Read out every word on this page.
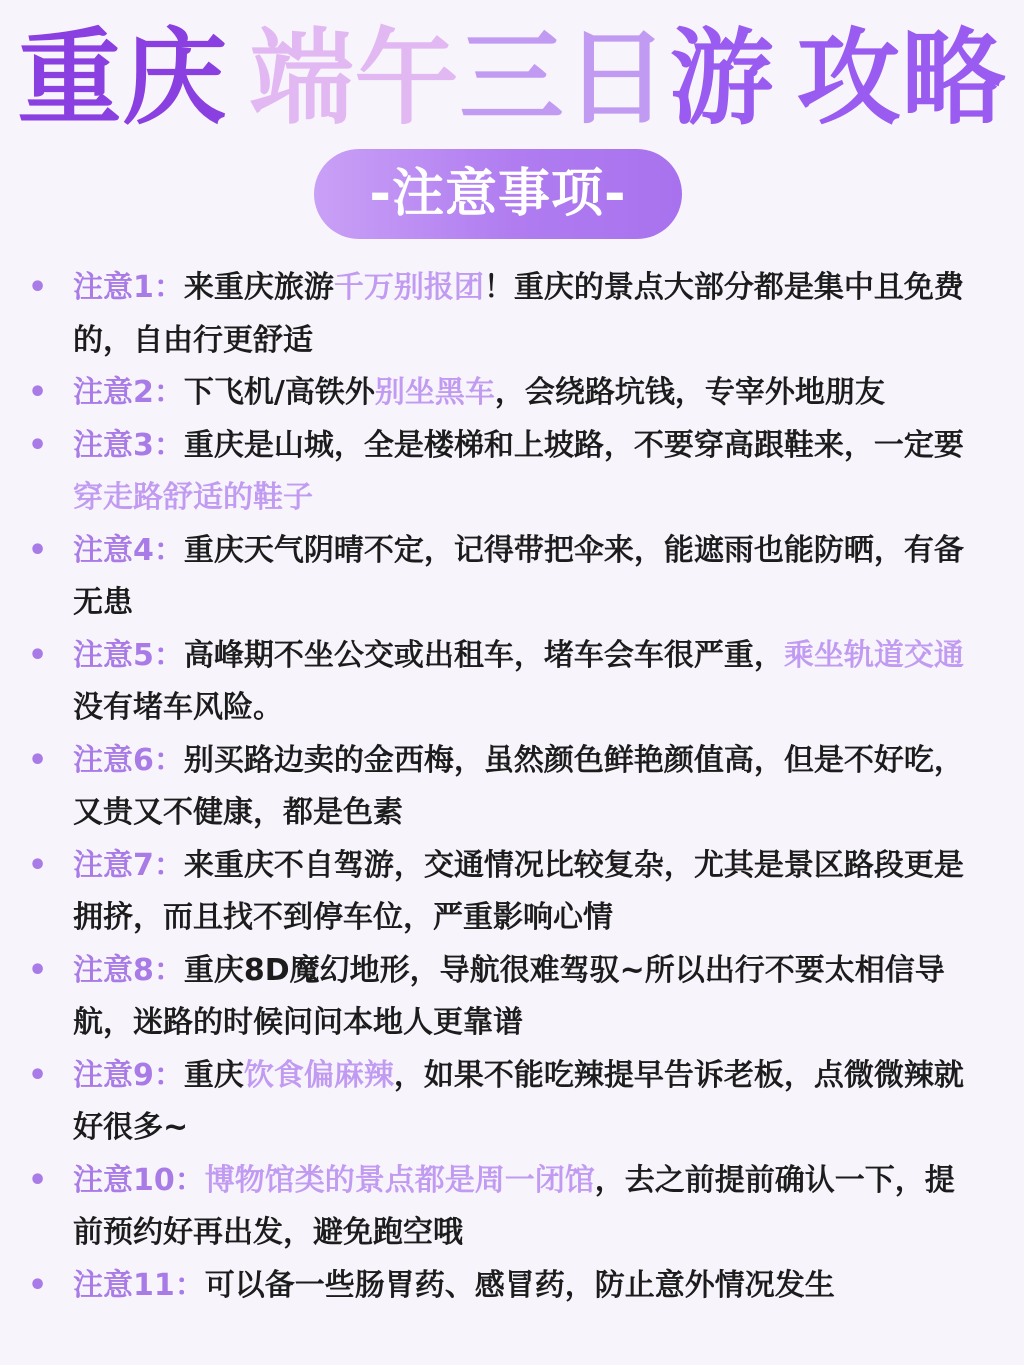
重庆 端午三日游 攻略
-注意事项-
• 注意1：来重庆旅游千万别报团！重庆的景点大部分都是集中且免费的，自由行更舒适
• 注意2：下飞机/高铁外别坐黑车，会绕路坑钱，专宰外地朋友
• 注意3：重庆是山城，全是楼梯和上坡路，不要穿高跟鞋来，一定要穿走路舒适的鞋子
• 注意4：重庆天气阴晴不定，记得带把伞来，能遮雨也能防晒，有备无患
• 注意5：高峰期不坐公交或出租车，堵车会车很严重，乘坐轨道交通没有堵车风险。
• 注意6：别买路边卖的金西梅，虽然颜色鲜艳颜值高，但是不好吃，又贵又不健康，都是色素
• 注意7：来重庆不自驾游，交通情况比较复杂，尤其是景区路段更是拥挤，而且找不到停车位，严重影响心情
• 注意8：重庆8D魔幻地形，导航很难驾驭~所以出行不要太相信导航，迷路的时候问问本地人更靠谱
• 注意9：重庆饮食偏麻辣，如果不能吃辣提早告诉老板，点微微辣就好很多~
• 注意10：博物馆类的景点都是周一闭馆，去之前提前确认一下，提前预约好再出发，避免跑空哦
• 注意11：可以备一些肠胃药、感冒药，防止意外情况发生
